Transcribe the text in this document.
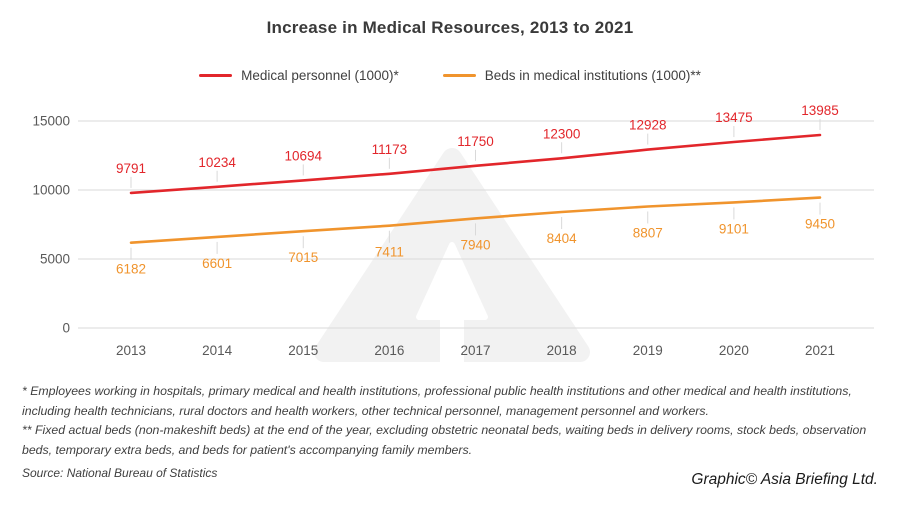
0
5000
10000
15000
2013	2014	2015	2016	2017	2018	2019	2020	2021
9791	10234	10694	11173
11750
12300
12928
13475	13985
6182	6601	7015	7411	7940	8404	8807	9101	9450
Increase in Medical Resources, 2013 to 2021
Medical personnel (1000)*	Beds in medical institutions (1000)**

* Employees working in hospitals, primary medical and health institutions, professional public health institutions and other medical and health institutions, including health technicians, rural doctors and health workers, other technical personnel, management personnel and workers.

** Fixed actual beds (non-makeshift beds) at the end of the year, excluding obstetric neonatal beds, waiting beds in delivery rooms, stock beds, observation beds, temporary extra beds, and beds for patient's accompanying family members.

Source: National Bureau of Statistics	Graphic© Asia Briefing Ltd.
